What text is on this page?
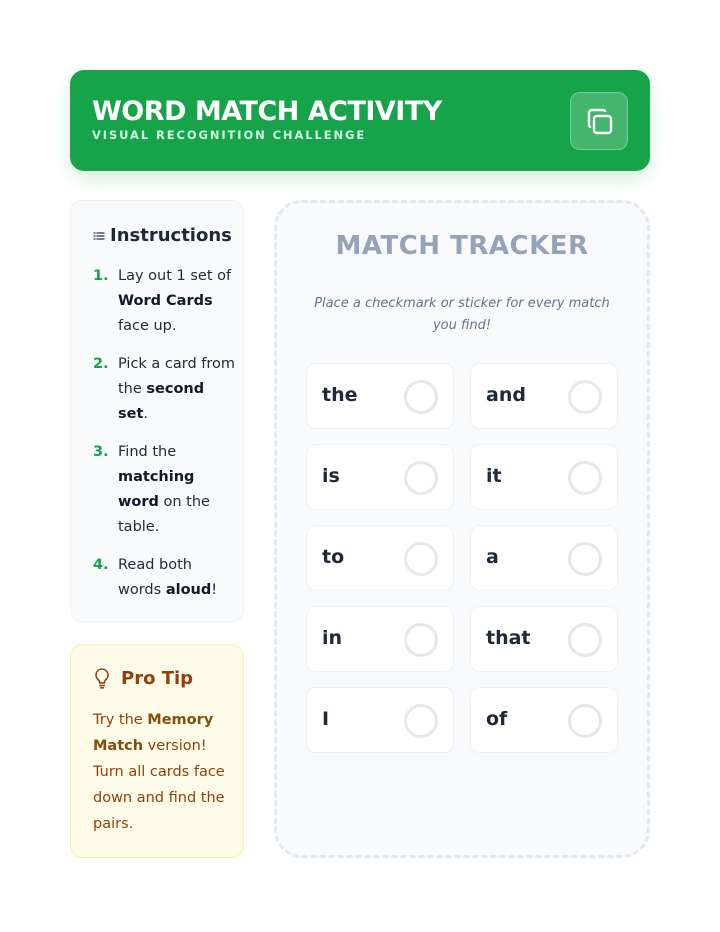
WORD MATCH ACTIVITY
VISUAL RECOGNITION CHALLENGE
Instructions
1. Lay out 1 set of Word Cards face up.
2. Pick a card from the second set.
3. Find the matching word on the table.
4. Read both words aloud!
Pro Tip
Try the Memory Match version! Turn all cards face down and find the pairs.
MATCH TRACKER
Place a checkmark or sticker for every match you find!
the	and
is	it
to	a
in	that
I	of
